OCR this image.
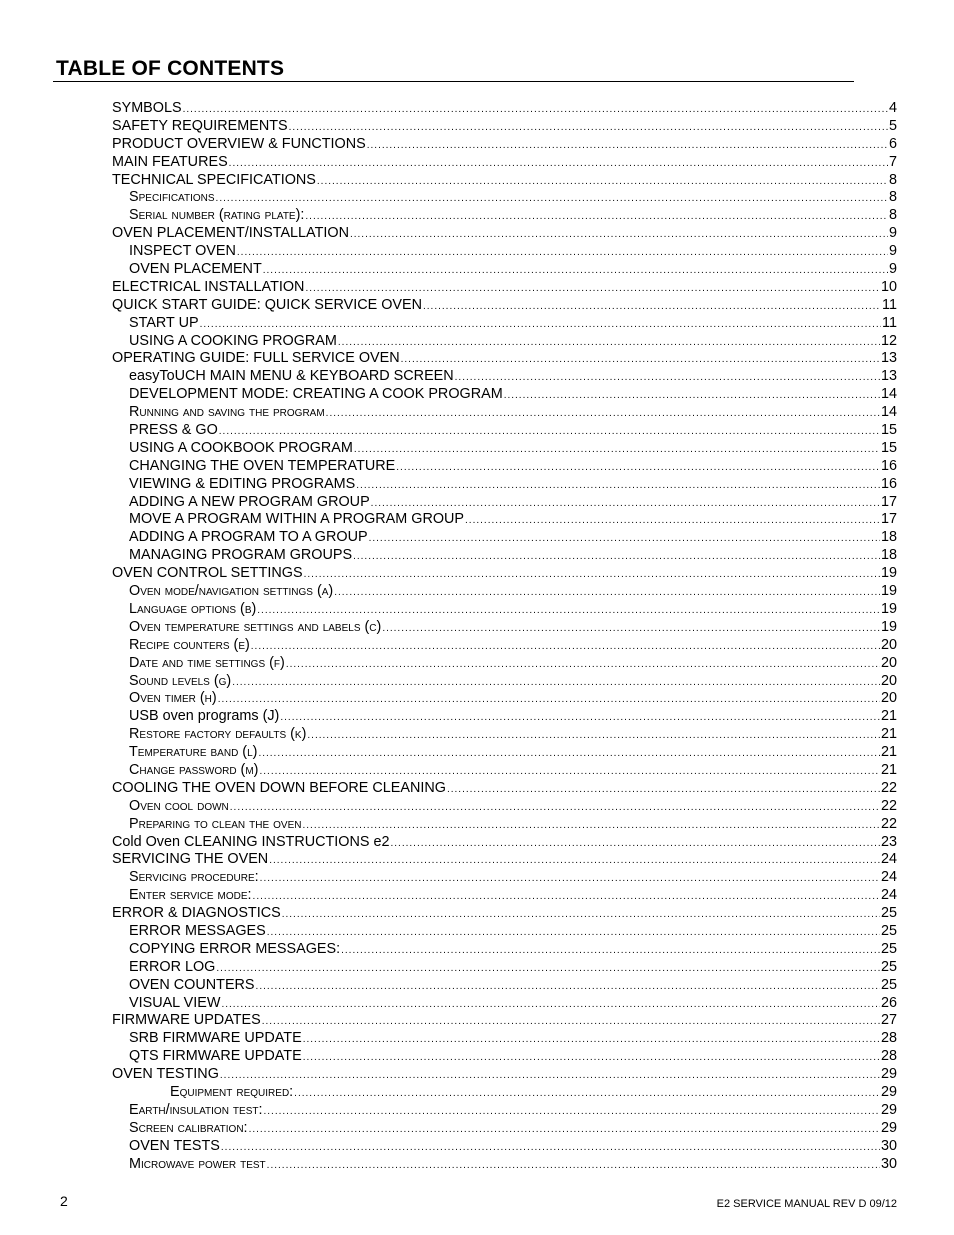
TABLE OF CONTENTS
SYMBOLS .....	4
SAFETY REQUIREMENTS .....	5
PRODUCT OVERVIEW & FUNCTIONS .....	6
MAIN FEATURES .....	7
TECHNICAL SPECIFICATIONS .....	8
Specifications .....	8
Serial number (rating plate): .....	8
OVEN PLACEMENT/INSTALLATION .....	9
INSPECT OVEN .....	9
OVEN PLACEMENT .....	9
ELECTRICAL INSTALLATION .....	10
QUICK START GUIDE: QUICK SERVICE OVEN .....	11
START UP .....	11
USING A COOKING PROGRAM .....	12
OPERATING GUIDE: FULL SERVICE OVEN .....	13
easyToUCH MAIN MENU & KEYBOARD SCREEN .....	13
DEVELOPMENT MODE: CREATING A COOK PROGRAM .....	14
Running and saving the program .....	14
PRESS & GO .....	15
USING A COOKBOOK PROGRAM .....	15
CHANGING THE OVEN TEMPERATURE .....	16
VIEWING & EDITING PROGRAMS .....	16
ADDING A NEW PROGRAM GROUP .....	17
MOVE A PROGRAM WITHIN A PROGRAM GROUP .....	17
ADDING A PROGRAM TO A GROUP .....	18
MANAGING PROGRAM GROUPS .....	18
OVEN CONTROL SETTINGS .....	19
Oven mode/navigation settings (a) .....	19
Language options (b) .....	19
Oven temperature settings and labels (c) .....	19
Recipe counters (e) .....	20
Date and time settings (f) .....	20
Sound levels (g) .....	20
Oven timer (h) .....	20
USB oven programs (J) .....	21
Restore factory defaults (k) .....	21
Temperature band (l) .....	21
Change password (m) .....	21
COOLING THE OVEN DOWN BEFORE CLEANING .....	22
Oven cool down .....	22
Preparing to clean the oven .....	22
Cold Oven CLEANING INSTRUCTIONS e2 .....	23
SERVICING THE OVEN .....	24
Servicing procedure: .....	24
Enter service mode: .....	24
ERROR & DIAGNOSTICS .....	25
ERROR MESSAGES .....	25
COPYING ERROR MESSAGES: .....	25
ERROR LOG .....	25
OVEN COUNTERS .....	25
VISUAL VIEW .....	26
FIRMWARE UPDATES .....	27
SRB FIRMWARE UPDATE .....	28
QTS FIRMWARE UPDATE .....	28
OVEN TESTING .....	29
Equipment required: .....	29
Earth/insulation test: .....	29
Screen calibration: .....	29
OVEN TESTS .....	30
Microwave power test .....	30
2	E2 SERVICE MANUAL REV D 09/12
